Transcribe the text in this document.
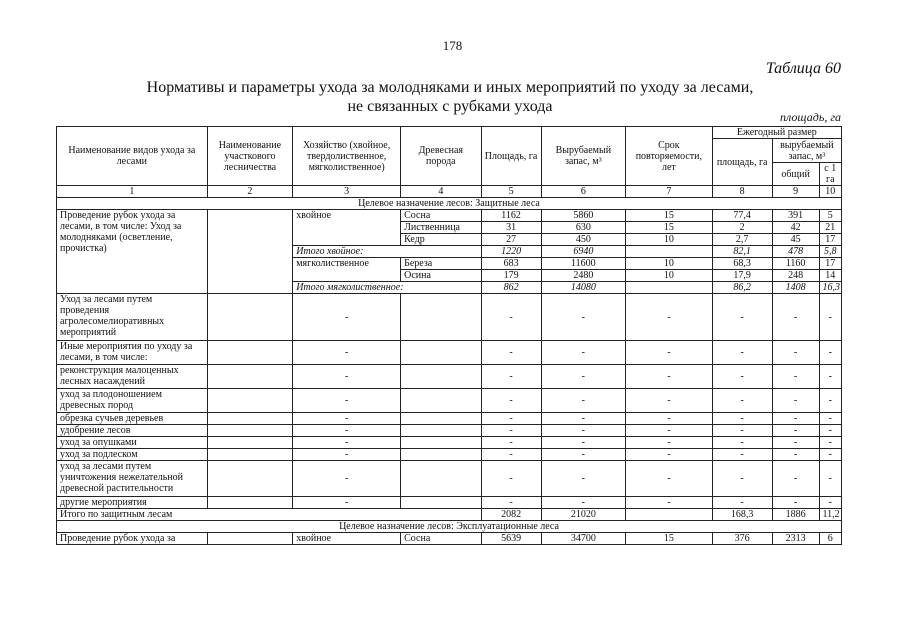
178
Таблица 60
Нормативы и параметры ухода за молодняками и иных мероприятий по уходу за лесами,
не связанных с рубками ухода
площадь, га
Наименование видов ухода за лесами	Наименование участкового лесничества	Хозяйство (хвойное, твердолиственное, мягколиственное)	Древесная порода	Площадь, га	Вырубаемый запас, м³	Срок повторяемости, лет	Ежегодный размер		
							площадь, га	вырубаемый запас, м³	
								общий	с 1 га
1	2	3	4	5	6	7	8	9	10
Целевое назначение лесов: Защитные леса									
Проведение рубок ухода за лесами, в том числе: Уход за молодняками (осветление, прочистка)		хвойное	Сосна	1162	5860	15	77,4	391	5
			Лиственница	31	630	15	2	42	21
			Кедр	27	450	10	2,7	45	17
		Итого хвойное:		1220	6940		82,1	478	5,8
		мягколиственное	Береза	683	11600	10	68,3	1160	17
			Осина	179	2480	10	17,9	248	14
		Итого мягколиственное:		862	14080		86,2	1408	16,3
Уход за лесами путем проведения агролесомелиоративных мероприятий		-		-	-	-	-	-	-
Иные мероприятия по уходу за лесами, в том числе:		-		-	-	-	-	-	-
реконструкция малоценных лесных насаждений		-		-	-	-	-	-	-
уход за плодоношением древесных пород		-		-	-	-	-	-	-
обрезка сучьев деревьев		-		-	-	-	-	-	-
удобрение лесов		-		-	-	-	-	-	-
уход за опушками		-		-	-	-	-	-	-
уход за подлеском		-		-	-	-	-	-	-
уход за лесами путем уничтожения нежелательной древесной растительности		-		-	-	-	-	-	-
другие мероприятия		-		-	-	-	-	-	-
Итого по защитным лесам				2082	21020		168,3	1886	11,2
Целевое назначение лесов: Эксплуатационные леса									
Проведение рубок ухода за		хвойное	Сосна	5639	34700	15	376	2313	6
